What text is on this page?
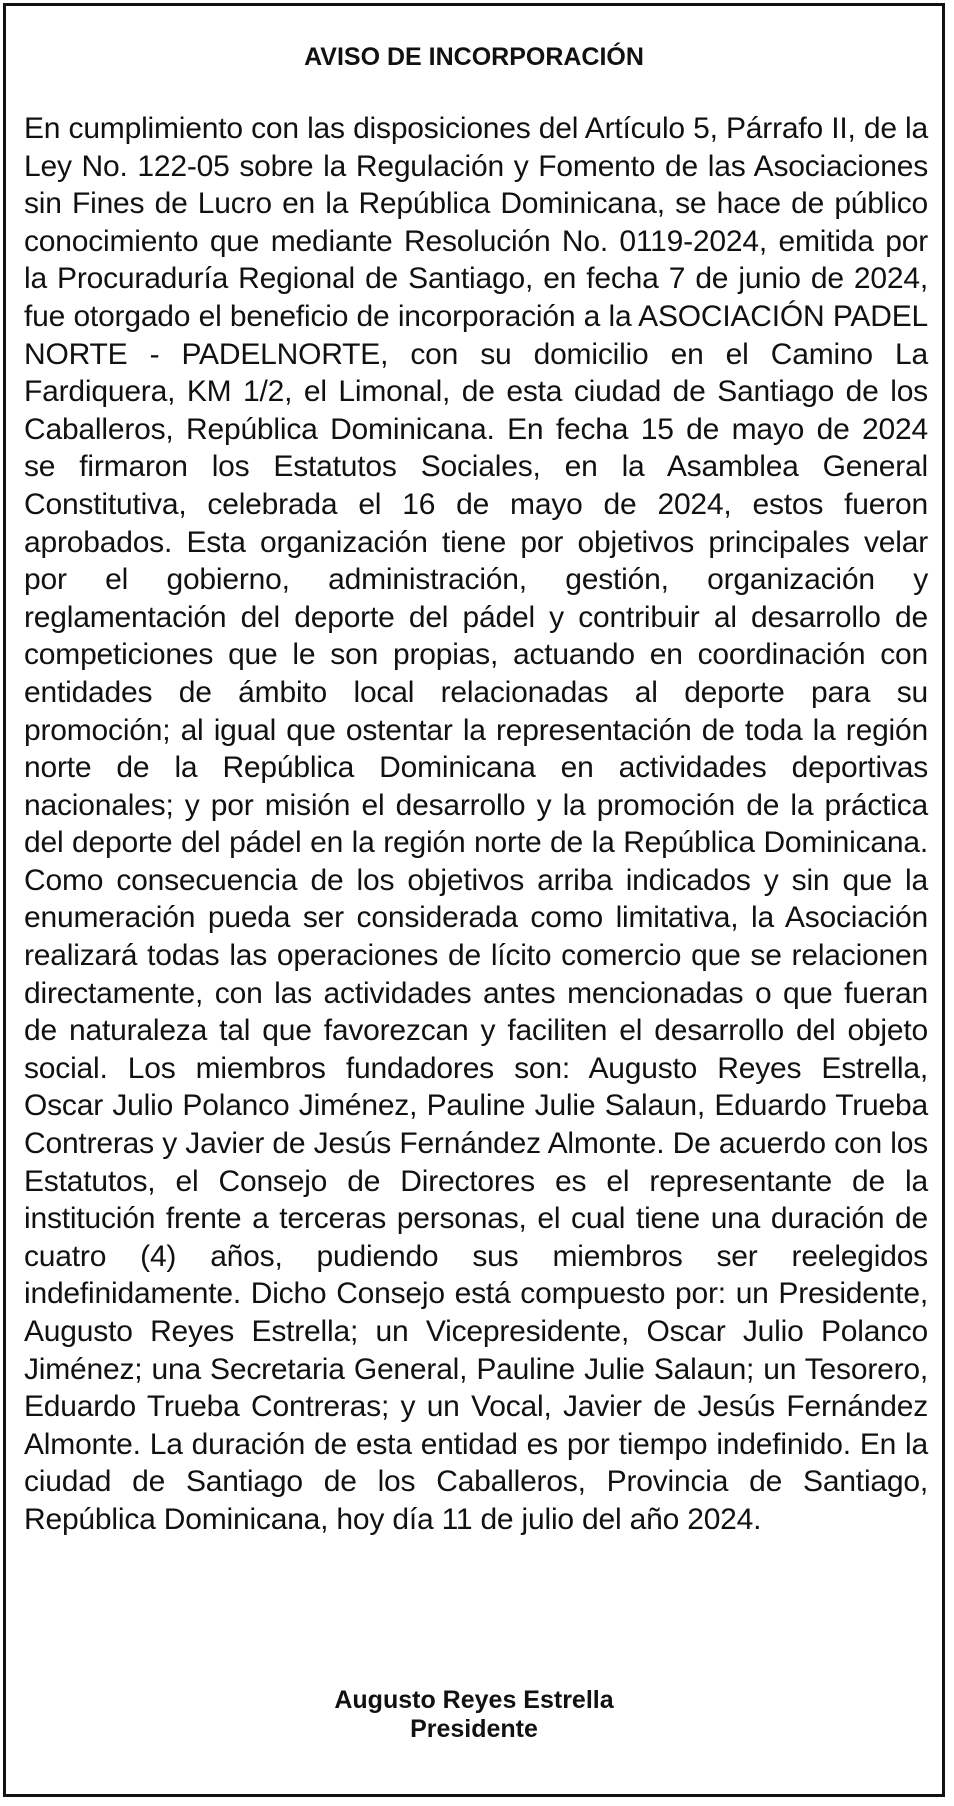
AVISO DE INCORPORACIÓN

En cumplimiento con las disposiciones del Artículo 5, Párrafo II, de la Ley No. 122-05 sobre la Regulación y Fomento de las Asociaciones sin Fines de Lucro en la República Dominicana, se hace de público conocimiento que mediante Resolución No. 0119-2024, emitida por la Procuraduría Regional de Santiago, en fecha 7 de junio de 2024, fue otorgado el beneficio de incorporación a la ASOCIACIÓN PADEL NORTE - PADELNORTE, con su domicilio en el Camino La Fardiquera, KM 1/2, el Limonal, de esta ciudad de Santiago de los Caballeros, República Dominicana. En fecha 15 de mayo de 2024 se firmaron los Estatutos Sociales, en la Asamblea General Constitutiva, celebrada el 16 de mayo de 2024, estos fueron aprobados. Esta organización tiene por objetivos principales velar por el gobierno, administración, gestión, organización y reglamentación del deporte del pádel y contribuir al desarrollo de competiciones que le son propias, actuando en coordinación con entidades de ámbito local relacionadas al deporte para su promoción; al igual que ostentar la representación de toda la región norte de la República Dominicana en actividades deportivas nacionales; y por misión el desarrollo y la promoción de la práctica del deporte del pádel en la región norte de la República Dominicana. Como consecuencia de los objetivos arriba indicados y sin que la enumeración pueda ser considerada como limitativa, la Asociación realizará todas las operaciones de lícito comercio que se relacionen directamente, con las actividades antes mencionadas o que fueran de naturaleza tal que favorezcan y faciliten el desarrollo del objeto social. Los miembros fundadores son: Augusto Reyes Estrella, Oscar Julio Polanco Jiménez, Pauline Julie Salaun, Eduardo Trueba Contreras y Javier de Jesús Fernández Almonte. De acuerdo con los Estatutos, el Consejo de Directores es el representante de la institución frente a terceras personas, el cual tiene una duración de cuatro (4) años, pudiendo sus miembros ser reelegidos indefinidamente. Dicho Consejo está compuesto por: un Presidente, Augusto Reyes Estrella; un Vicepresidente, Oscar Julio Polanco Jiménez; una Secretaria General, Pauline Julie Salaun; un Tesorero, Eduardo Trueba Contreras; y un Vocal, Javier de Jesús Fernández Almonte. La duración de esta entidad es por tiempo indefinido. En la ciudad de Santiago de los Caballeros, Provincia de Santiago, República Dominicana, hoy día 11 de julio del año 2024.

Augusto Reyes Estrella
Presidente
